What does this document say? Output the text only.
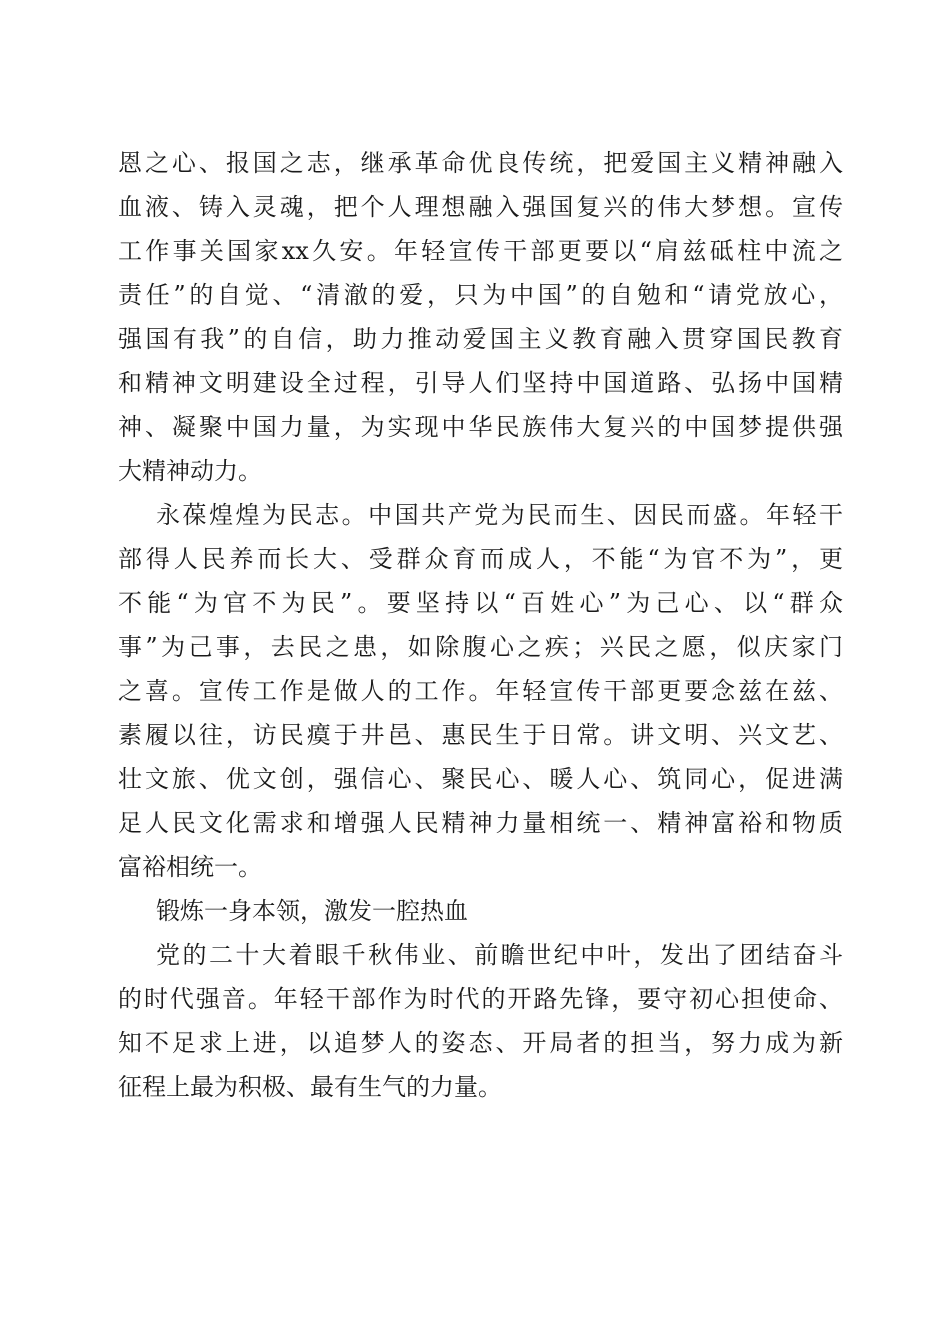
恩之心、报国之志，继承革命优良传统，把爱国主义精神融入
血液、铸入灵魂，把个人理想融入强国复兴的伟大梦想。宣传
工作事关国家xx久安。年轻宣传干部更要以“肩兹砥柱中流之
责任”的自觉、“清澈的爱，只为中国”的自勉和“请党放心，
强国有我”的自信，助力推动爱国主义教育融入贯穿国民教育
和精神文明建设全过程，引导人们坚持中国道路、弘扬中国精
神、凝聚中国力量，为实现中华民族伟大复兴的中国梦提供强
大精神动力。
永葆煌煌为民志。中国共产党为民而生、因民而盛。年轻干
部得人民养而长大、受群众育而成人，不能“为官不为”，更
不能“为官不为民”。要坚持以“百姓心”为己心、以“群众
事”为己事，去民之患，如除腹心之疾；兴民之愿，似庆家门
之喜。宣传工作是做人的工作。年轻宣传干部更要念兹在兹、
素履以往，访民瘼于井邑、惠民生于日常。讲文明、兴文艺、
壮文旅、优文创，强信心、聚民心、暖人心、筑同心，促进满
足人民文化需求和增强人民精神力量相统一、精神富裕和物质
富裕相统一。
锻炼一身本领，激发一腔热血
党的二十大着眼千秋伟业、前瞻世纪中叶，发出了团结奋斗
的时代强音。年轻干部作为时代的开路先锋，要守初心担使命、
知不足求上进，以追梦人的姿态、开局者的担当，努力成为新
征程上最为积极、最有生气的力量。
